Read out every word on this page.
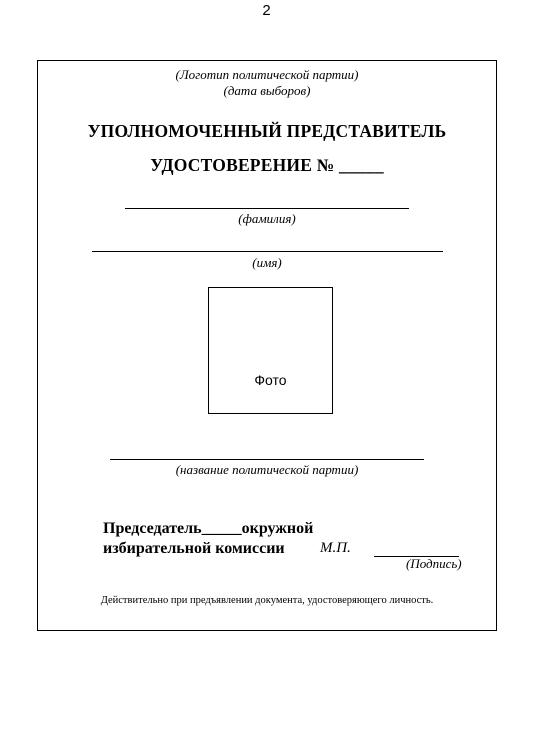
2
(Логотип политической партии)
(дата выборов)
УПОЛНОМОЧЕННЫЙ ПРЕДСТАВИТЕЛЬ
УДОСТОВЕРЕНИЕ № _____
(фамилия)
(имя)
Фото
(название политической партии)
Председатель_____окружной
избирательной комиссии	М.П.
(Подпись)
Действительно при предъявлении документа, удостоверяющего личность.
